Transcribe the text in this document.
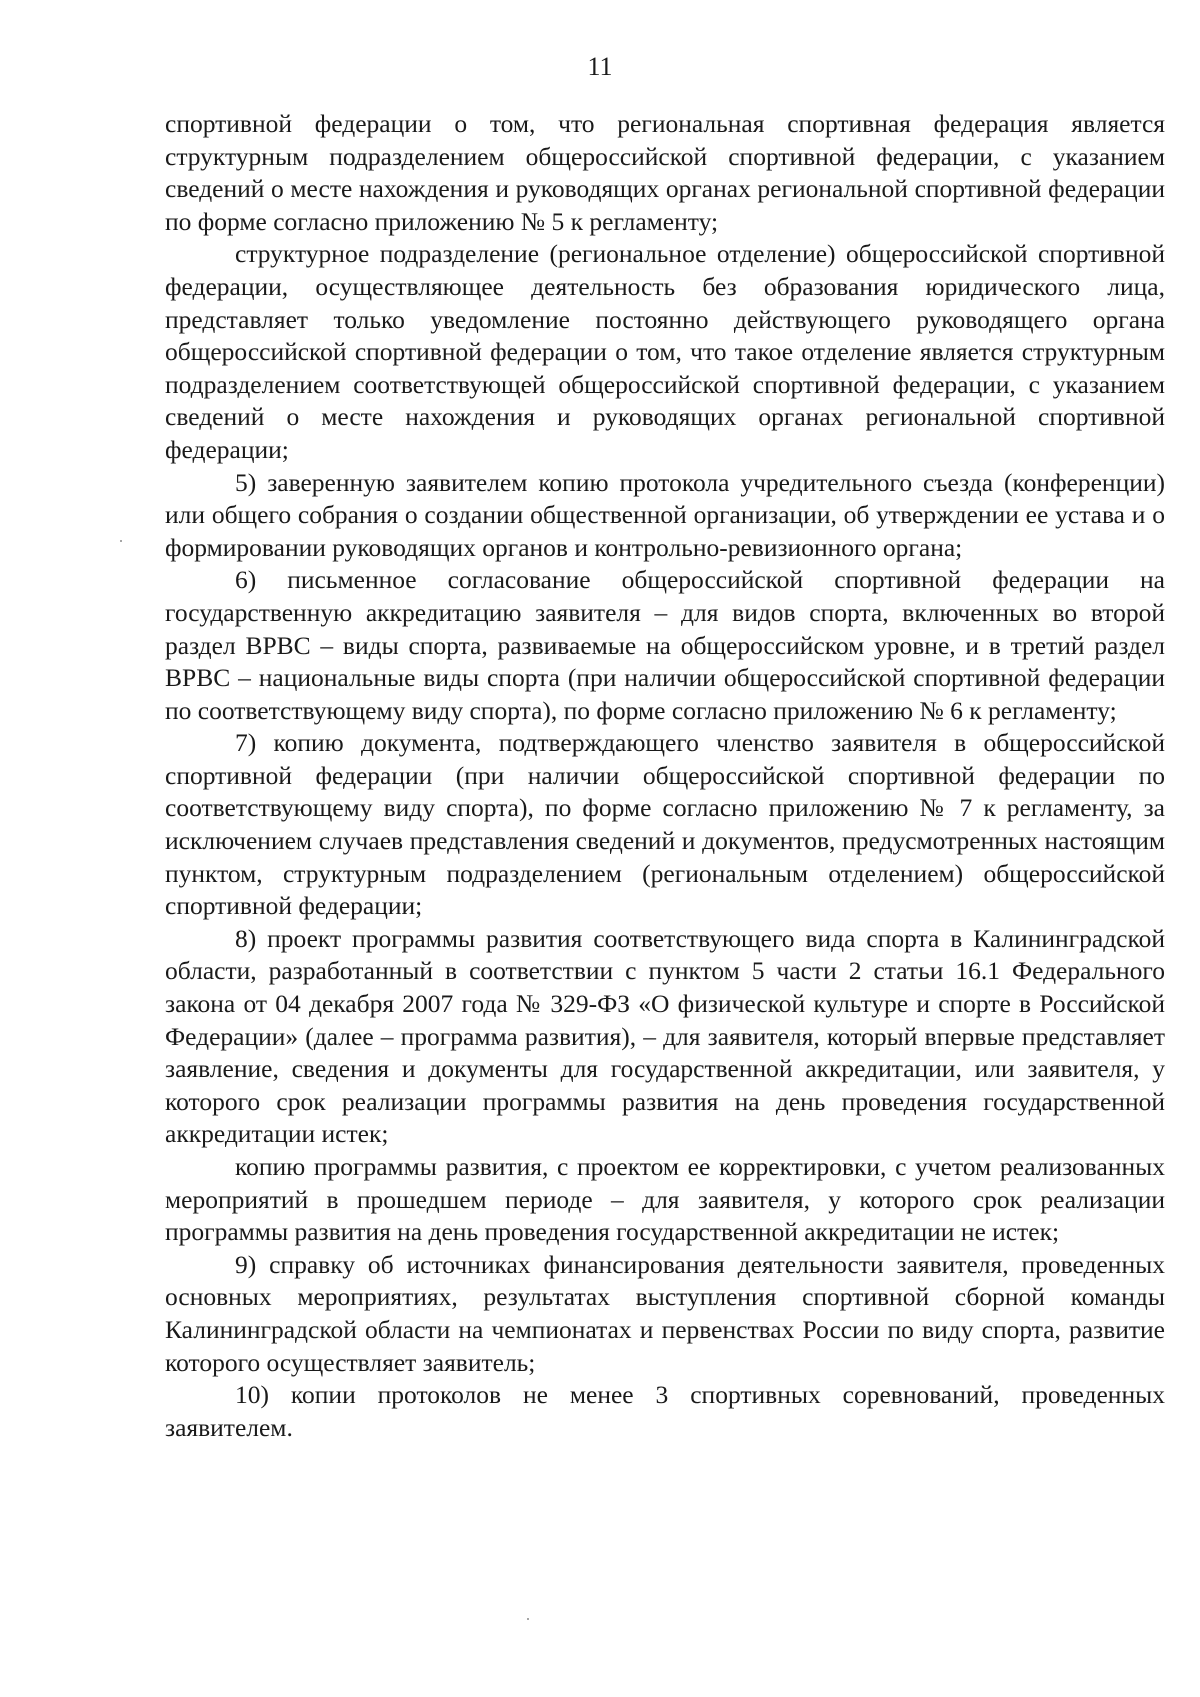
11

спортивной федерации о том, что региональная спортивная федерация является структурным подразделением общероссийской спортивной федерации, с указанием сведений о месте нахождения и руководящих органах региональной спортивной федерации по форме согласно приложению № 5 к регламенту;

структурное подразделение (региональное отделение) общероссийской спортивной федерации, осуществляющее деятельность без образования юридического лица, представляет только уведомление постоянно действующего руководящего органа общероссийской спортивной федерации о том, что такое отделение является структурным подразделением соответствующей общероссийской спортивной федерации, с указанием сведений о месте нахождения и руководящих органах региональной спортивной федерации;

5) заверенную заявителем копию протокола учредительного съезда (конференции) или общего собрания о создании общественной организации, об утверждении ее устава и о формировании руководящих органов и контрольно-ревизионного органа;

6) письменное согласование общероссийской спортивной федерации на государственную аккредитацию заявителя – для видов спорта, включенных во второй раздел ВРВС – виды спорта, развиваемые на общероссийском уровне, и в третий раздел ВРВС – национальные виды спорта (при наличии общероссийской спортивной федерации по соответствующему виду спорта), по форме согласно приложению № 6 к регламенту;

7) копию документа, подтверждающего членство заявителя в общероссийской спортивной федерации (при наличии общероссийской спортивной федерации по соответствующему виду спорта), по форме согласно приложению № 7 к регламенту, за исключением случаев представления сведений и документов, предусмотренных настоящим пунктом, структурным подразделением (региональным отделением) общероссийской спортивной федерации;

8) проект программы развития соответствующего вида спорта в Калининградской области, разработанный в соответствии с пунктом 5 части 2 статьи 16.1 Федерального закона от 04 декабря 2007 года № 329-ФЗ «О физической культуре и спорте в Российской Федерации» (далее – программа развития), – для заявителя, который впервые представляет заявление, сведения и документы для государственной аккредитации, или заявителя, у которого срок реализации программы развития на день проведения государственной аккредитации истек;

копию программы развития, с проектом ее корректировки, с учетом реализованных мероприятий в прошедшем периоде – для заявителя, у которого срок реализации программы развития на день проведения государственной аккредитации не истек;

9) справку об источниках финансирования деятельности заявителя, проведенных основных мероприятиях, результатах выступления спортивной сборной команды Калининградской области на чемпионатах и первенствах России по виду спорта, развитие которого осуществляет заявитель;

10) копии протоколов не менее 3 спортивных соревнований, проведенных заявителем.
